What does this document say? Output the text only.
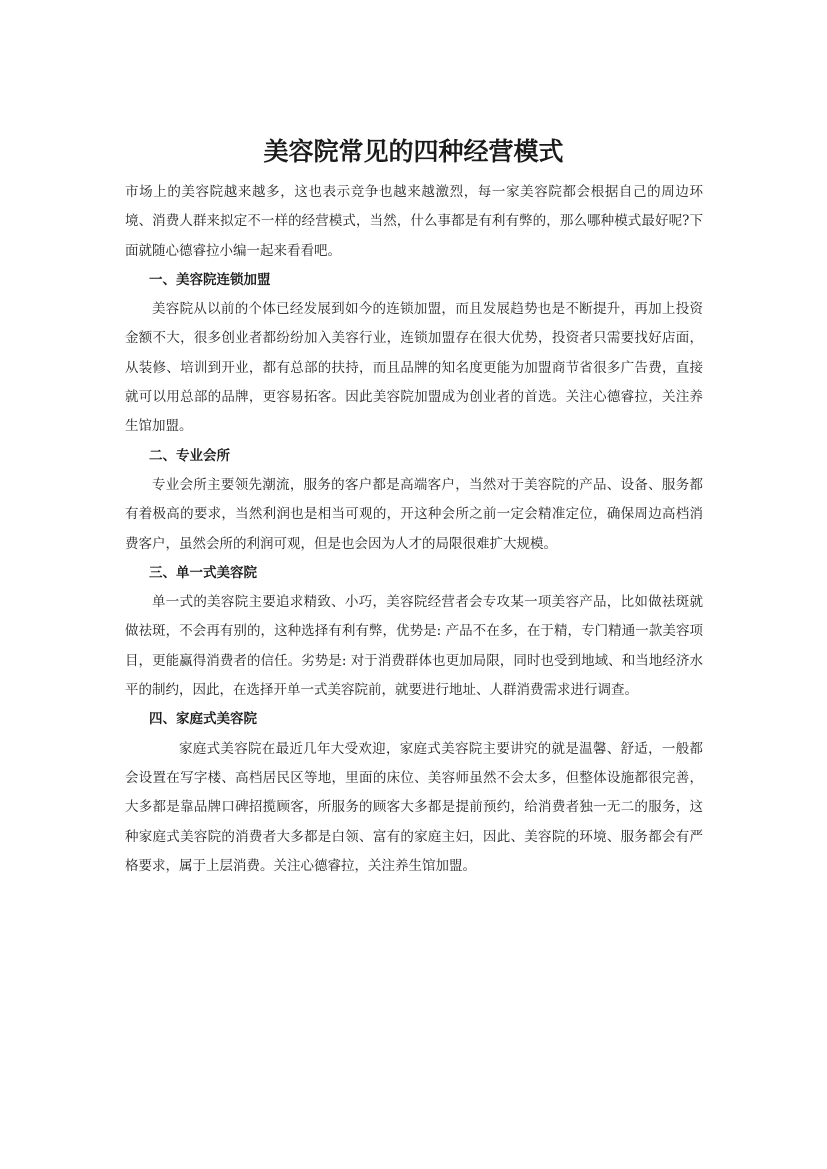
美容院常见的四种经营模式

市场上的美容院越来越多，这也表示竞争也越来越激烈，每一家美容院都会根据自己的周边环境、消费人群来拟定不一样的经营模式，当然，什么事都是有利有弊的，那么哪种模式最好呢?下面就随心德睿拉小编一起来看看吧。

一、美容院连锁加盟

美容院从以前的个体已经发展到如今的连锁加盟，而且发展趋势也是不断提升，再加上投资金额不大，很多创业者都纷纷加入美容行业，连锁加盟存在很大优势，投资者只需要找好店面，从装修、培训到开业，都有总部的扶持，而且品牌的知名度更能为加盟商节省很多广告费，直接就可以用总部的品牌，更容易拓客。因此美容院加盟成为创业者的首选。关注心德睿拉，关注养生馆加盟。

二、专业会所

专业会所主要领先潮流，服务的客户都是高端客户，当然对于美容院的产品、设备、服务都有着极高的要求，当然利润也是相当可观的，开这种会所之前一定会精准定位，确保周边高档消费客户，虽然会所的利润可观，但是也会因为人才的局限很难扩大规模。

三、单一式美容院

单一式的美容院主要追求精致、小巧，美容院经营者会专攻某一项美容产品，比如做祛斑就做祛斑，不会再有别的，这种选择有利有弊，优势是: 产品不在多，在于精，专门精通一款美容项目，更能赢得消费者的信任。劣势是: 对于消费群体也更加局限，同时也受到地域、和当地经济水平的制约，因此，在选择开单一式美容院前，就要进行地址、人群消费需求进行调查。

四、家庭式美容院

家庭式美容院在最近几年大受欢迎，家庭式美容院主要讲究的就是温馨、舒适，一般都会设置在写字楼、高档居民区等地，里面的床位、美容师虽然不会太多，但整体设施都很完善，大多都是靠品牌口碑招揽顾客，所服务的顾客大多都是提前预约，给消费者独一无二的服务，这种家庭式美容院的消费者大多都是白领、富有的家庭主妇，因此、美容院的环境、服务都会有严格要求，属于上层消费。关注心德睿拉，关注养生馆加盟。
